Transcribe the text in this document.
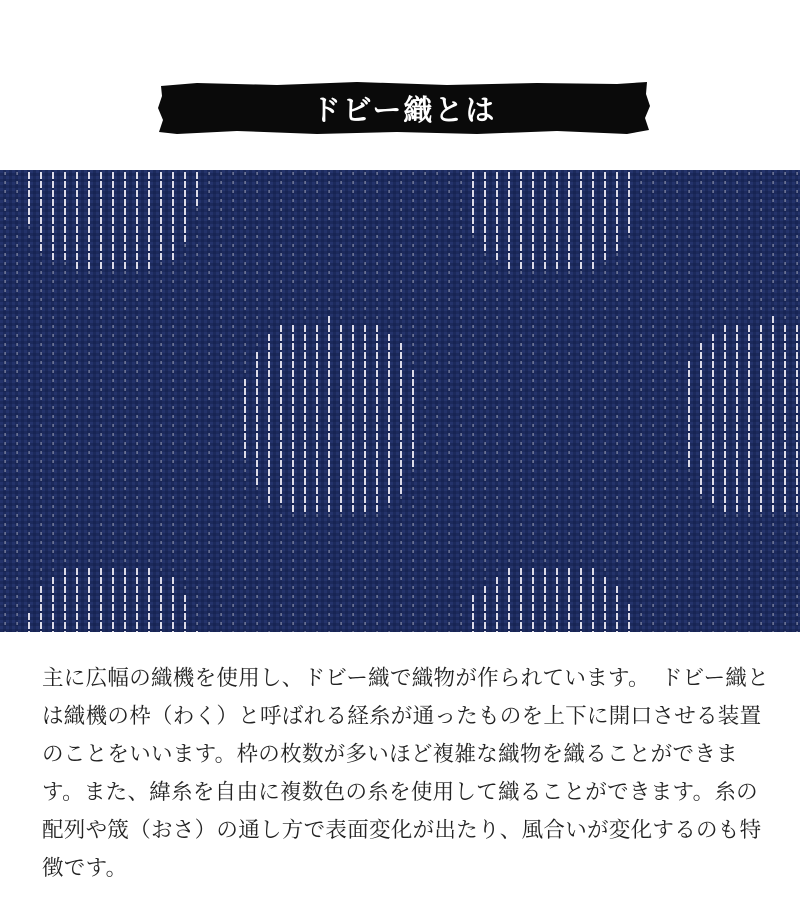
ドビー織とは
主に広幅の織機を使用し、ドビー織で織物が作られています。　ドビー織とは織機の枠（わく）と呼ばれる経糸が通ったものを上下に開口させる装置のことをいいます。枠の枚数が多いほど複雑な織物を織ることができます。また、緯糸を自由に複数色の糸を使用して織ることができます。糸の配列や筬（おさ）の通し方で表面変化が出たり、風合いが変化するのも特徴です。
